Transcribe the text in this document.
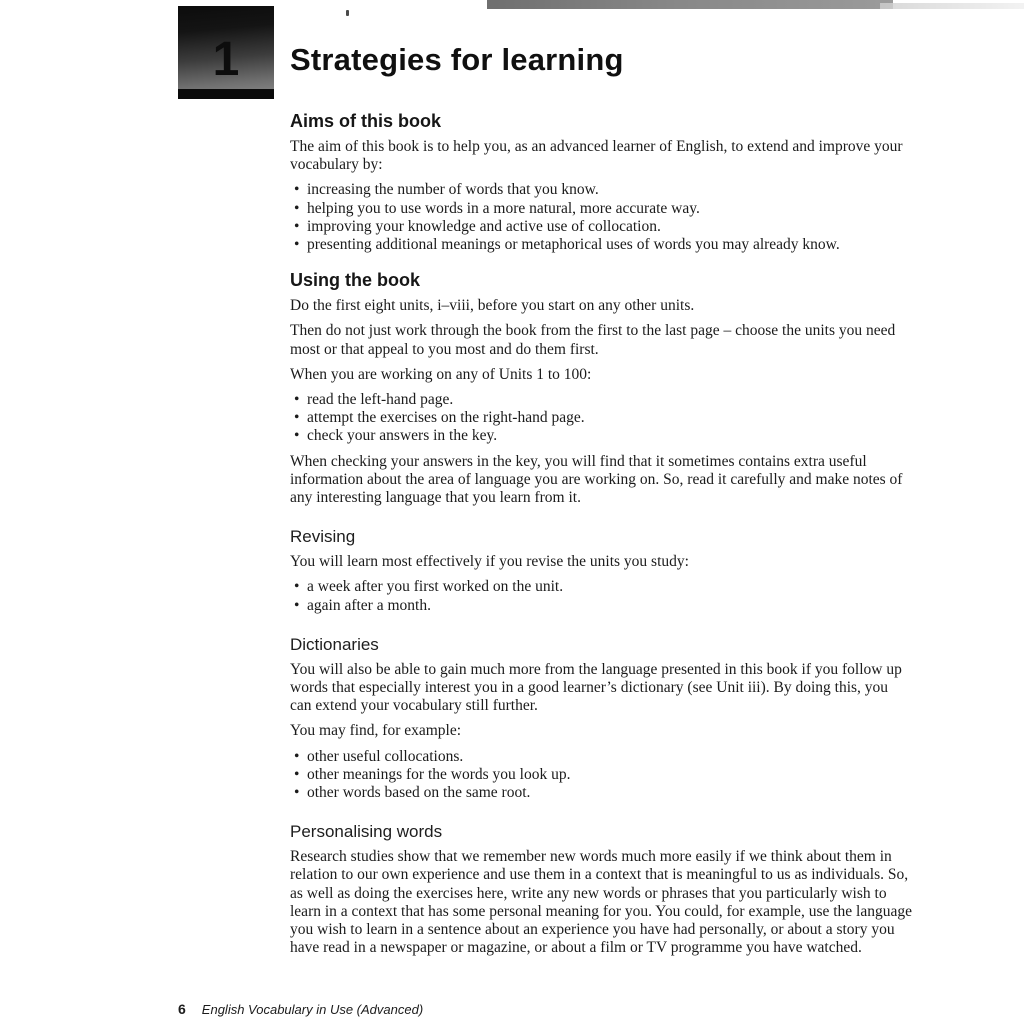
1 Strategies for learning
Aims of this book

The aim of this book is to help you, as an advanced learner of English, to extend and improve your vocabulary by:

• increasing the number of words that you know.
• helping you to use words in a more natural, more accurate way.
• improving your knowledge and active use of collocation.
• presenting additional meanings or metaphorical uses of words you may already know.
Using the book

Do the first eight units, i–viii, before you start on any other units.

Then do not just work through the book from the first to the last page – choose the units you need most or that appeal to you most and do them first.

When you are working on any of Units 1 to 100:

• read the left-hand page.
• attempt the exercises on the right-hand page.
• check your answers in the key.

When checking your answers in the key, you will find that it sometimes contains extra useful information about the area of language you are working on. So, read it carefully and make notes of any interesting language that you learn from it.

Revising

You will learn most effectively if you revise the units you study:

• a week after you first worked on the unit.
• again after a month.
Dictionaries

You will also be able to gain much more from the language presented in this book if you follow up words that especially interest you in a good learner’s dictionary (see Unit iii). By doing this, you can extend your vocabulary still further.

You may find, for example:

• other useful collocations.
• other meanings for the words you look up.
• other words based on the same root.
Personalising words

Research studies show that we remember new words much more easily if we think about them in relation to our own experience and use them in a context that is meaningful to us as individuals. So, as well as doing the exercises here, write any new words or phrases that you particularly wish to learn in a context that has some personal meaning for you. You could, for example, use the language you wish to learn in a sentence about an experience you have had personally, or about a story you have read in a newspaper or magazine, or about a film or TV programme you have watched.

6 English Vocabulary in Use (Advanced)
